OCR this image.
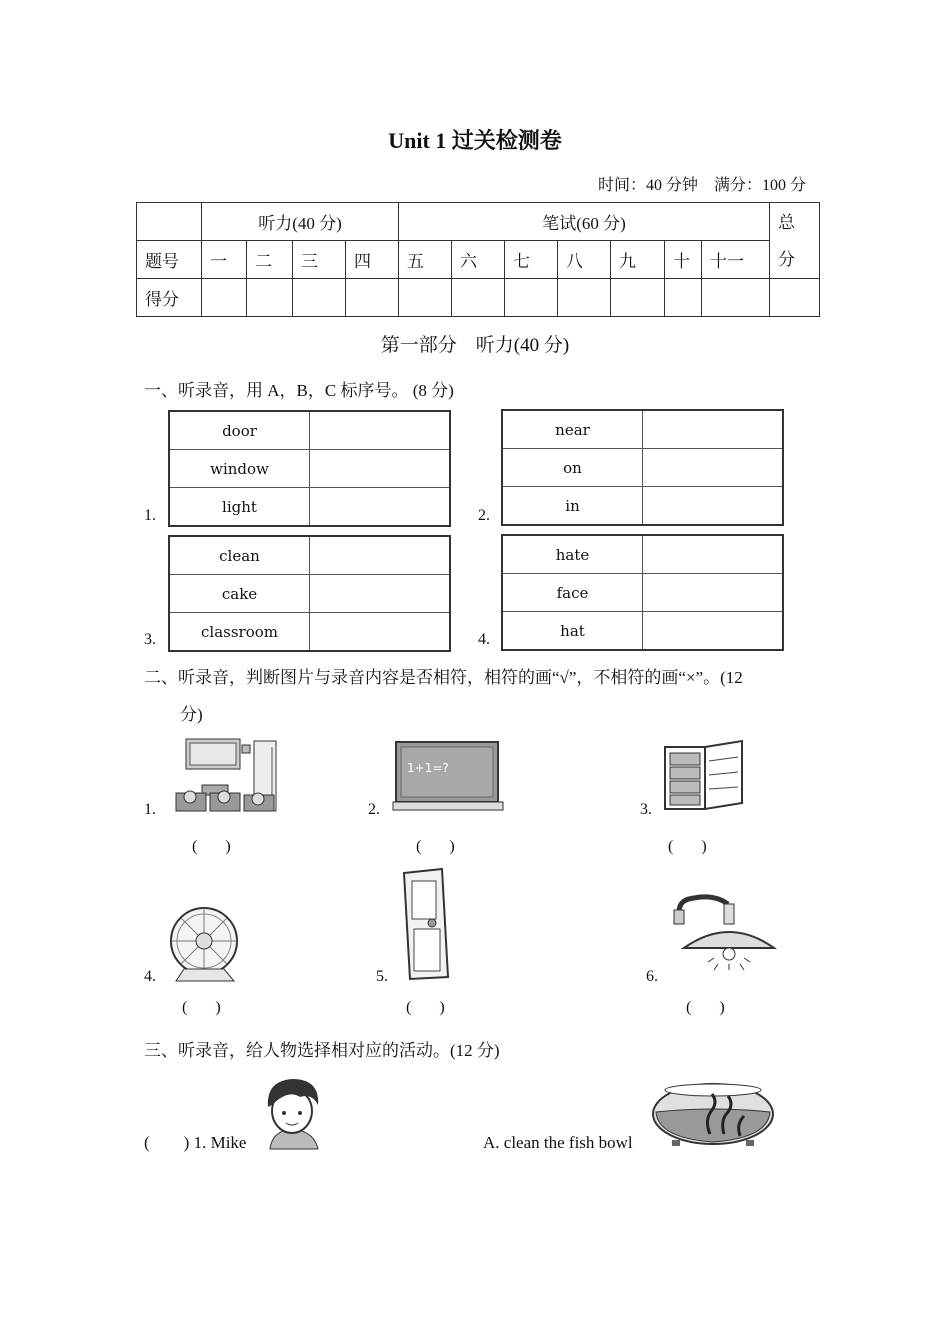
Unit 1 过关检测卷
时间：40 分钟    满分：100 分
	听力(40 分)				笔试(60 分)							总
分
题号	一	二	三	四	五	六	七	八	九	十	十一	
得分												
第一部分　听力(40 分)
一、听录音，用 A，B，C 标序号。 (8 分)
1.
door	
window	
light		2.
near	
on	
in	
3.
clean	
cake	
classroom		4.
hate	
face	
hat	
二、听录音，判断图片与录音内容是否相符，相符的画“√”，不相符的画“×”。(12
分)
1.
(       )
2.
1+1=?
(       )
3.
(       )
4.
(       )
5.
(       )
6.
(       )
三、听录音，给人物选择相对应的活动。(12 分)
(        ) 1. Mike	A. clean the fish bowl
